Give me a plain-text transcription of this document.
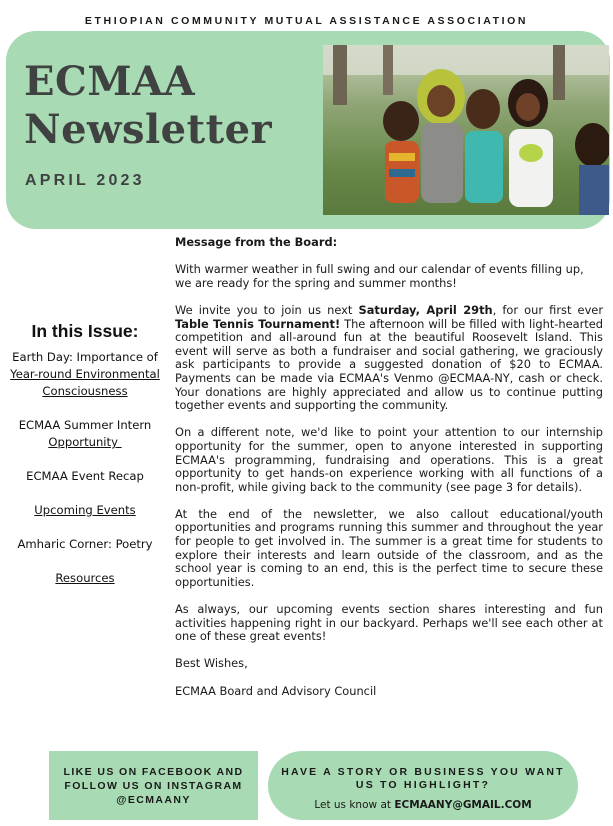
ETHIOPIAN COMMUNITY MUTUAL ASSISTANCE ASSOCIATION
ECMAA
Newsletter
APRIL 2023
In this Issue:
Earth Day: Importance of
Year-round Environmental
Consciousness
ECMAA Summer Intern
Opportunity
ECMAA Event Recap
Upcoming Events
Amharic Corner: Poetry
Resources

Message from the Board:

With warmer weather in full swing and our calendar of events filling up, we are ready for the spring and summer months!

We invite you to join us next Saturday, April 29th, for our first ever Table Tennis Tournament! The afternoon will be filled with light-hearted competition and all-around fun at the beautiful Roosevelt Island. This event will serve as both a fundraiser and social gathering, we graciously ask participants to provide a suggested donation of $20 to ECMAA. Payments can be made via ECMAA's Venmo @ECMAA-NY, cash or check. Your donations are highly appreciated and allow us to continue putting together events and supporting the community.

On a different note, we'd like to point your attention to our internship opportunity for the summer, open to anyone interested in supporting ECMAA's programming, fundraising and operations. This is a great opportunity to get hands-on experience working with all functions of a non-profit, while giving back to the community (see page 3 for details).

At the end of the newsletter, we also callout educational/youth opportunities and programs running this summer and throughout the year for people to get involved in. The summer is a great time for students to explore their interests and learn outside of the classroom, and as the school year is coming to an end, this is the perfect time to secure these opportunities.

As always, our upcoming events section shares interesting and fun activities happening right in our backyard. Perhaps we'll see each other at one of these great events!

Best Wishes,

ECMAA Board and Advisory Council

LIKE US ON FACEBOOK AND
FOLLOW US ON INSTAGRAM
@ECMAANY
HAVE A STORY OR BUSINESS YOU WANT
US TO HIGHLIGHT?
Let us know at ECMAANY@GMAIL.COM
